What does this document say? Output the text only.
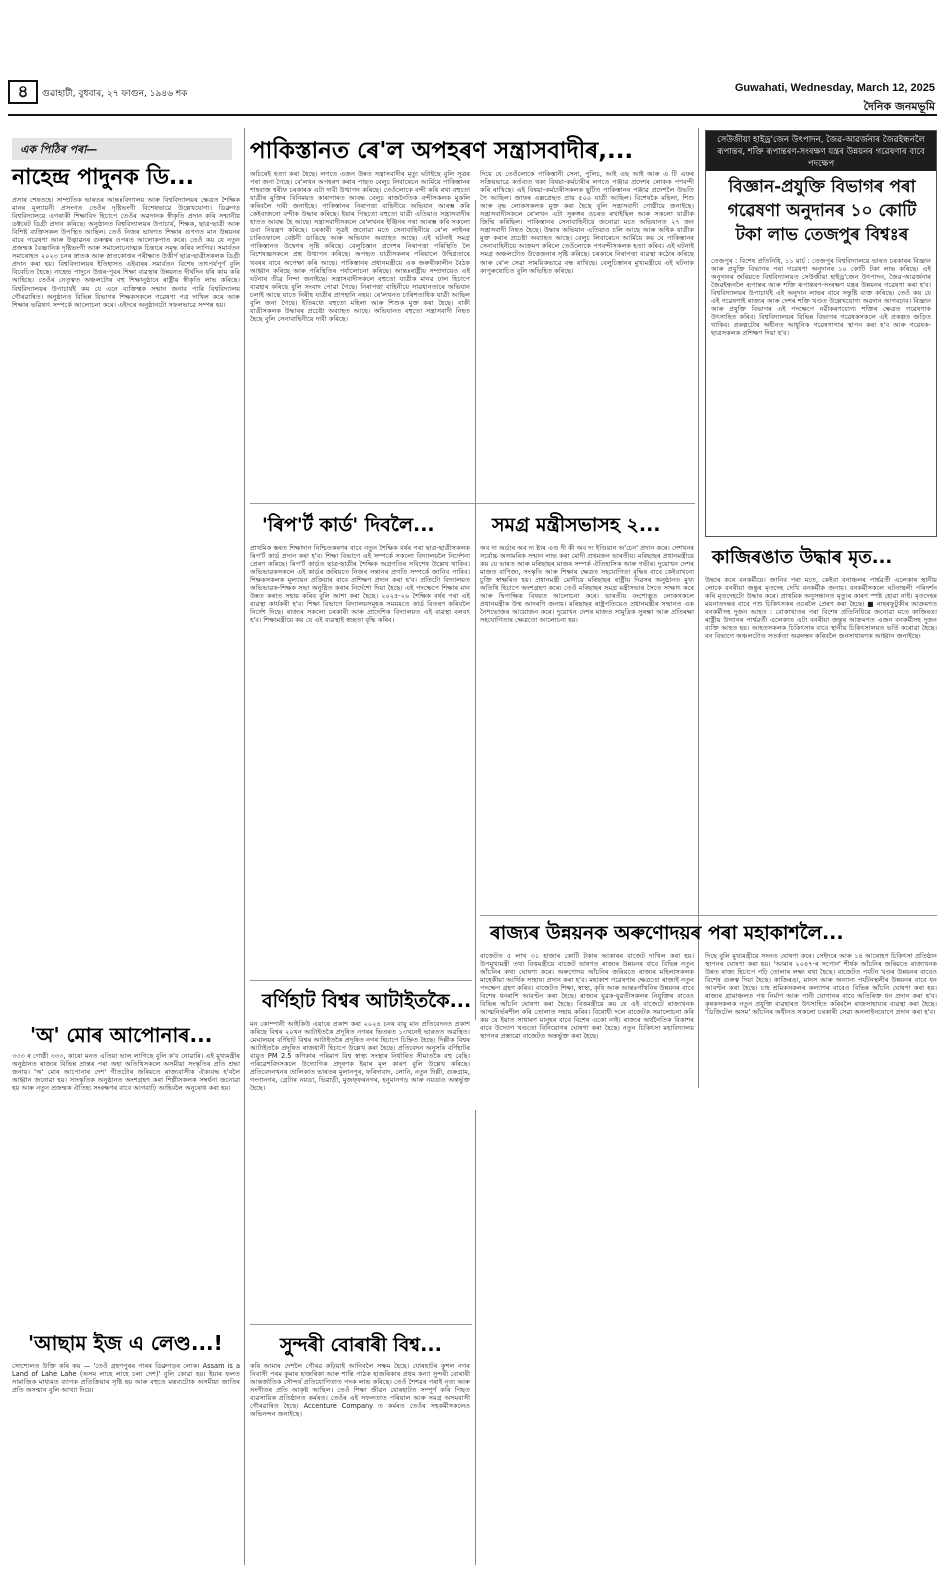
৪	গুৱাহাটী, বুধবাৰ, ২৭ ফাগুন, ১৯৪৬ শক	Guwahati, Wednesday, March 12, 2025
দৈনিক জনমভূমি
এক পিঠিৰ পৰা—
নাহেন্দ্ৰ পাদুনক ডি...
প্ৰসাৰ শেষতহে। সাম্প্ৰতিক ভাৰতৰ আন্তঃবিদ্যালয় আৰু বিশ্ববিদ্যালয়ৰ ক্ষেত্ৰত শৈক্ষিক মানৰ মূল্যায়নী প্ৰসংগত তেওঁৰ দৃষ্টিভংগী বিশেষভাৱে উল্লেখযোগ্য। ডিব্ৰুগড় বিশ্ববিদ্যালয়ে এগৰাকী শিক্ষাবিদ হিচাপে তেওঁৰ অৱদানক স্বীকৃতি প্ৰদান কৰি সন্মানীয় ডক্টৰেট ডিগ্ৰী প্ৰদান কৰিছে। অনুষ্ঠানত বিশ্ববিদ্যালয়ৰ উপাচাৰ্য, শিক্ষক, ছাত্ৰ-ছাত্ৰী আৰু বিশিষ্ট ব্যক্তিসকল উপস্থিত আছিল। তেওঁ নিজৰ ভাষণত শিক্ষাৰ গুণগত মান উন্নয়নৰ বাবে গৱেষণা আৰু উদ্ভাৱনৰ গুৰুত্বৰ ওপৰত আলোকপাত কৰে। তেওঁ কয় যে নতুন প্ৰজন্মক বৈজ্ঞানিক দৃষ্টিভংগী আৰু সমালোচনাত্মক চিন্তাৰে সমৃদ্ধ কৰিব লাগিব। সমাৰ্বতন সমাৰোহত ২০২৩ চনৰ স্নাতক আৰু স্নাতকোত্তৰ পৰীক্ষাত উত্তীৰ্ণ ছাত্ৰ-ছাত্ৰীসকলক ডিগ্ৰী প্ৰদান কৰা হয়। বিশ্ববিদ্যালয়ৰ ইতিহাসত এইবাৰৰ সমাৰ্বতন বিশেষ তাৎপৰ্যপূৰ্ণ বুলি বিবেচিত হৈছে। নাহেন্দ্ৰ পাদুনে উত্তৰ-পূবৰ শিক্ষা ব্যৱস্থাৰ উন্নয়নত দীৰ্ঘদিন ধৰি কাম কৰি আহিছে। তেওঁৰ নেতৃত্বত অঞ্চলটোৰ বহু শিক্ষানুষ্ঠানে ৰাষ্ট্ৰীয় স্বীকৃতি লাভ কৰিছে। বিশ্ববিদ্যালয়ৰ উপাচাৰ্যই কয় যে এনে ব্যক্তিত্বক সন্মান জনাব পাৰি বিশ্ববিদ্যালয় গৌৰৱান্বিত। অনুষ্ঠানত বিভিন্ন বিভাগৰ শিক্ষকসকলে গৱেষণা পত্ৰ দাখিল কৰে আৰু শিক্ষাৰ ভৱিষ্যৎ সম্পৰ্কে আলোচনা কৰে। এইদৰে অনুষ্ঠানটো সফলভাৱে সম্পন্ন হয়।
'অ' মোৰ আপোনাৰ...
৩৩৩ ৰ গোষ্ঠী ৩৩৩, কাৰো মনত এতিয়া ভাল লাগিছে বুলি ক'ব নোৱাৰি। এই মুখ্যমন্ত্ৰীৰ অনুষ্ঠানত ৰাজ্যৰ বিভিন্ন প্ৰান্তৰ পৰা অহা অতিথিসকলে অসমীয়া সংস্কৃতিৰ প্ৰতি শ্ৰদ্ধা জনায়। 'অ' মোৰ আপোনাৰ দেশ' গীতটোৰ জৰিয়তে ৰাজ্যবাসীক ঐক্যবদ্ধ হ'বলৈ আহ্বান জনোৱা হয়। সাংস্কৃতিক অনুষ্ঠানত অংশগ্ৰহণ কৰা শিল্পীসকলক সম্বৰ্ধনা জনোৱা হয় আৰু নতুন প্ৰজন্মক ঐতিহ্য সংৰক্ষণৰ বাবে আগবাঢ়ি আহিবলৈ অনুৰোধ কৰা হয়।
'আছাম ইজ এ লেণ্ড...!
সোশ্যেলত উক্তি কৰি কয় — 'তেওঁ গ্ৰহণপুৰৰ পাৰৰ ডিব্ৰুগড়ৰ লোক। Assam is a Land of Lahe Lahe (অসম লাহে লাহে চলা দেশ)' বুলি কোৱা হয়। ইয়াৰ ফলত সামাজিক মাধ্যমত ব্যাপক প্ৰতিক্ৰিয়াৰ সৃষ্টি হয় আৰু বহুতে মন্তব্যটোক অসমীয়া জাতিৰ প্ৰতি অসন্মান বুলি আখ্যা দিয়ে।
পাকিস্তানত ৰে'ল অপহৰণ সন্ত্ৰাসবাদীৰ,...
অচিৰেই হত্যা কৰা হৈছে। লগতে এজন উন্নত সন্ত্ৰাসবাদীৰ মৃত্যু ঘটাইছে বুলি সূত্ৰৰ পৰা জনা গৈছে। বে'লখন অপহৰণ কৰাৰ পাছত বেলুচ লিবাৰেচন আৰ্মিয়ে পাকিস্তানৰ শাহবাজ শ্বৰীফ চৰকাৰক এটা দাবী উত্থাপন কৰিছে। তেওঁলোকে বন্দী কৰি ৰখা বহুতো যাত্ৰীৰ মুক্তিৰ বিনিময়ত কাৰাগাৰত আবদ্ধ বেলুচ ৰাজনৈতিক বন্দীসকলক মুকলি কৰিবলৈ দাবী জনাইছে। পাকিস্তানৰ নিৰাপত্তা বাহিনীয়ে অভিযান আৰম্ভ কৰি কেইবাজনো বন্দীক উদ্ধাৰ কৰিছে। ইয়াৰ পিছতো বহুতো যাত্ৰী এতিয়াও সন্ত্ৰাসবাদীৰ হাতত আবদ্ধ হৈ আছে। সন্ত্ৰাসবাদীসকলে ৰে'লখনৰ ইঞ্জিনৰ পৰা আৰম্ভ কৰি সকলো ডবা নিয়ন্ত্ৰণ কৰিছে। চৰকাৰী সূত্ৰই জনোৱা মতে সেনাবাহিনীয়ে ৰে'ল লাইনৰ চাৰিওফালে বেষ্টনী ডাঙিছে আৰু অভিযান অব্যাহত আছে। এই ঘটনাই সমগ্ৰ পাকিস্তানত উদ্বেগৰ সৃষ্টি কৰিছে। বেলুচিস্তান প্ৰদেশৰ নিৰাপত্তা পৰিস্থিতি লৈ বিশেষজ্ঞসকলে প্ৰশ্ন উত্থাপন কৰিছে। অপহৃত যাত্ৰীসকলৰ পৰিয়ালে উদ্বিগ্নতাৰে খবৰৰ বাবে অপেক্ষা কৰি আছে। পাকিস্তানৰ প্ৰধানমন্ত্ৰীয়ে এক জৰুৰীকালীন বৈঠক আহ্বান কৰিছে আৰু পৰিস্থিতিৰ পৰ্যালোচনা কৰিছে। আন্তঃৰাষ্ট্ৰীয় সম্প্ৰদায়েও এই ঘটনাৰ তীব্ৰ নিন্দা জনাইছে। সন্ত্ৰাসবাদীসকলে বহুতো যাত্ৰীক মানৱ ঢাল হিচাপে ব্যৱহাৰ কৰিছে বুলি সংবাদ পোৱা গৈছে। নিৰাপত্তা বাহিনীয়ে সাৱধানতাৰে অভিযান চলাই আছে যাতে নিৰীহ যাত্ৰীৰ প্ৰাণহানি নহয়। ৰে'লখনত চাৰিশতাধিক যাত্ৰী আছিল বুলি জনা গৈছে। ইতিমধ্যে বহুতো মহিলা আৰু শিশুক মুক্ত কৰা হৈছে। বাকী যাত্ৰীসকলক উদ্ধাৰৰ প্ৰচেষ্টা অব্যাহত আছে। অভিযানত বহুতো সন্ত্ৰাসবাদী নিহত হৈছে বুলি সেনাবাহিনীয়ে দাবী কৰিছে।
দিয়ে যে তেওঁলোকে পাকিস্তানী সেনা, পুলিচ, আই এছ আই আৰু এ টি এফৰ সক্ৰিয়ভাৱে কৰ্তব্যত থকা বিষয়া-কৰ্মচাৰীৰ লগতে পঞ্জাৱ প্ৰদেশৰ লোকক পণবন্দী কৰি ৰাখিছে। এই বিষয়া-কৰ্মচাৰীসকলক ছুটিত পাকিস্তানৰ পঞ্জাৱ প্ৰদেশলৈ উভতি গৈ আছিল। জাফৰ এক্সপ্ৰেছত প্ৰায় ৫০০ যাত্ৰী আছিল। বিশেষকৈ মহিলা, শিশু আৰু বৃদ্ধ লোকসকলক মুক্ত কৰা হৈছে বুলি সন্ত্ৰাসবাদী গোষ্ঠীয়ে জনাইছে। সন্ত্ৰাসবাদীসকলে ৰে'লখন এটা সুৰুঙ্গৰ ওচৰত ৰখাইছিল আৰু সকলো যাত্ৰীক জিম্মি কৰিছিল। পাকিস্তানৰ সেনাবাহিনীয়ে জনোৱা মতে অভিযানত ২৭ জন সন্ত্ৰাসবাদী নিহত হৈছে। উদ্ধাৰ অভিযান এতিয়াও চলি আছে আৰু অধিক যাত্ৰীক মুক্ত কৰাৰ প্ৰচেষ্টা অব্যাহত আছে। বেলুচ লিবাৰেচন আৰ্মিয়ে কয় যে পাকিস্তানৰ সেনাবাহিনীয়ে আক্ৰমণ কৰিলে তেওঁলোকে পণবন্দীসকলক হত্যা কৰিব। এই ঘটনাই সমগ্ৰ অঞ্চলটোত উত্তেজনাৰ সৃষ্টি কৰিছে। চৰকাৰে নিৰাপত্তা ব্যৱস্থা কঠোৰ কৰিছে আৰু ৰে'ল সেৱা সাময়িকভাৱে বন্ধ ৰাখিছে। বেলুচিস্তানৰ মুখ্যমন্ত্ৰীয়ে এই ঘটনাক কাপুৰুষোচিত বুলি অভিহিত কৰিছে।
'ৰিপ'ৰ্ট কাৰ্ড' দিবলৈ...
প্ৰাথমিক স্তৰত শিক্ষাদান নিশ্চিতকৰণৰ বাবে নতুন শৈক্ষিক বৰ্ষৰ পৰা ছাত্ৰ-ছাত্ৰীসকলক ৰিপ'ৰ্ট কাৰ্ড প্ৰদান কৰা হ'ব। শিক্ষা বিভাগে এই সম্পৰ্কে সকলো বিদ্যালয়লৈ নিৰ্দেশনা প্ৰেৰণ কৰিছে। ৰিপ'ৰ্ট কাৰ্ডত ছাত্ৰ-ছাত্ৰীৰ শৈক্ষিক অগ্ৰগতিৰ সবিশেষ উল্লেখ থাকিব। অভিভাৱকসকলে এই কাৰ্ডৰ জৰিয়তে নিজৰ সন্তানৰ প্ৰগতি সম্পৰ্কে জানিব পাৰিব। শিক্ষকসকলক মূল্যায়ন প্ৰক্ৰিয়াৰ বাবে প্ৰশিক্ষণ প্ৰদান কৰা হ'ব। প্ৰতিটো বিদ্যালয়ত অভিভাৱক-শিক্ষক সভা অনুষ্ঠিত কৰাৰ নিৰ্দেশো দিয়া হৈছে। এই পদক্ষেপে শিক্ষাৰ মান উন্নত কৰাত সহায় কৰিব বুলি আশা কৰা হৈছে। ২০২৫-২৬ শৈক্ষিক বৰ্ষৰ পৰা এই ব্যৱস্থা কাৰ্যকৰী হ'ব। শিক্ষা বিভাগে বিদ্যালয়সমূহক সময়মতে কাৰ্ড বিতৰণ কৰিবলৈ নিৰ্দেশ দিছে। ৰাজ্যৰ সকলো চৰকাৰী আৰু প্ৰাদেশিক বিদ্যালয়ত এই ব্যৱস্থা বলবৎ হ'ব। শিক্ষামন্ত্ৰীয়ে কয় যে এই ব্যৱস্থাই স্বচ্ছতা বৃদ্ধি কৰিব।
সমগ্ৰ মন্ত্ৰীসভাসহ ২...
অব দা অৰ্ডাৰ অব দ্য ষ্টাৰ এণ্ড দী কী অব দ্য ইণ্ডিয়ান অ'চেন' প্ৰদান কৰে। দেশখনৰ সৰ্বোচ্চ অসামৰিক সন্মান লাভ কৰা মোদী প্ৰথমজন ভাৰতীয়। মৰিছাছৰ প্ৰধানমন্ত্ৰীয়ে কয় যে ভাৰত আৰু মৰিছাছৰ মাজৰ সম্পৰ্ক ঐতিহাসিক আৰু গভীৰ। দুয়োখন দেশৰ মাজত বাণিজ্য, সংস্কৃতি আৰু শিক্ষাৰ ক্ষেত্ৰত সহযোগিতা বৃদ্ধিৰ বাবে কেইবাখনো চুক্তি স্বাক্ষৰিত হয়। প্ৰধানমন্ত্ৰী মোদীয়ে মৰিছাছৰ ৰাষ্ট্ৰীয় দিৱসৰ অনুষ্ঠানত মুখ্য অতিথি হিচাপে অংশগ্ৰহণ কৰে। তেওঁ মৰিছাছৰ সমগ্ৰ মন্ত্ৰীসভাৰ সৈতে সাক্ষাৎ কৰে আৰু দ্বিপাক্ষিক বিষয়ত আলোচনা কৰে। ভাৰতীয় বংশোদ্ভূত লোকসকলে প্ৰধানমন্ত্ৰীক উষ্ম আদৰণি জনায়। মৰিছাছৰ ৰাষ্ট্ৰপতিয়েও প্ৰধানমন্ত্ৰীৰ সন্মানত এক নৈশভোজৰ আয়োজন কৰে। দুয়োখন দেশৰ মাজত সামুদ্ৰিক সুৰক্ষা আৰু প্ৰতিৰক্ষা সহযোগিতাৰ ক্ষেত্ৰতো আলোচনা হয়।
বৰ্ণিহাট বিশ্বৰ আটাইতকৈ...
মন কোম্পানী আইকিউ এয়াৰে প্ৰকাশ কৰা ২০২৪ চনৰ বায়ু মান প্ৰতিবেদনত প্ৰকাশ কৰিছে বিশ্বৰ ২০খন আটাইতকৈ প্ৰদূষিত নগৰৰ ভিতৰত ১৩খনেই ভাৰতত অৱস্থিত। মেঘালয়ৰ বৰ্ণিহাট বিশ্বৰ আটাইতকৈ প্ৰদূষিত নগৰ হিচাপে চিহ্নিত হৈছে। দিল্লীক বিশ্বৰ আটাইতকৈ প্ৰদূষিত ৰাজধানী হিচাপে উল্লেখ কৰা হৈছে। প্ৰতিবেদন অনুসৰি বৰ্ণিহাটৰ বায়ুত PM 2.5 কণিকাৰ পৰিমাণ বিশ্ব স্বাস্থ্য সংস্থাৰ নিৰ্ধাৰিত সীমাতকৈ বহু বেছি। পৰিৱেশবিদসকলে উদ্যোগিক প্ৰদূষণক ইয়াৰ মূল কাৰণ বুলি উল্লেখ কৰিছে। প্ৰতিবেদনখনৰ তালিকাত ভাৰতৰ মুলানপুৰ, ফৰিদাবাদ, লোনি, নতুন দিল্লী, গুৰুগ্ৰাম, গংগানগৰ, গ্ৰেটাৰ নয়ডা, ভিৱাড়ী, মুজফ্ফৰনগৰ, হনুমানগড় আৰু নয়ডাও অন্তৰ্ভুক্ত হৈছে।
সুন্দৰী বোৰাৰী বিশ্ব...
কৰি আমাৰ দেশলৈ গৌৰৱ কঢ়িয়াই আনিবলৈ সক্ষম হৈছে। যোৰহাটৰ কুশল নগৰ নিবাসী পৰম কুমাৰ হাজৰিকা আৰু শান্তি পাঠক হাজৰিকাৰ প্ৰথম কন্যা সুন্দৰী বোৰাৰী আন্তৰ্জাতিক সৌন্দৰ্য প্ৰতিযোগিতাত পদক লাভ কৰিছে। তেওঁ শৈশৱৰ পৰাই নৃত্য আৰু সংগীতৰ প্ৰতি আকৃষ্ট আছিল। তেওঁ শিক্ষা জীৱন যোৰহাটত সম্পূৰ্ণ কৰি পিছত ব্যৱসায়িক প্ৰতিষ্ঠানত কৰ্মৰত। তেওঁৰ এই সফলতাত পৰিয়াল আৰু সমগ্ৰ অসমবাসী গৌৰৱান্বিত হৈছে। Accenture Company ত কৰ্মৰত তেওঁৰ সহকৰ্মীসকলেও অভিনন্দন জনাইছে।
সেউজীয়া হাইড্ৰ'জেন উৎপাদন, জৈৱ-আৱৰ্জনাৰ জৈৱইন্ধনলৈ ৰূপান্তৰ, শক্তি ৰূপান্তৰণ-সংৰক্ষণ যন্ত্ৰৰ উন্নয়নৰ গৱেষণাৰ বাবে পদক্ষেপ
বিজ্ঞান-প্ৰযুক্তি বিভাগৰ পৰা গৱেষণা অনুদানৰ ১০ কোটি টকা লাভ তেজপুৰ বিশ্বঃৰ
তেজপুৰ : বিশেষ প্ৰতিনিধি, ১১ মাৰ্চ : তেজপুৰ বিশ্ববিদ্যালয়ে ভাৰত চৰকাৰৰ বিজ্ঞান আৰু প্ৰযুক্তি বিভাগৰ পৰা গৱেষণা অনুদানৰ ১০ কোটি টকা লাভ কৰিছে। এই অনুদানৰ জৰিয়তে বিশ্ববিদ্যালয়ত সেউজীয়া হাইড্ৰ'জেন উৎপাদন, জৈৱ-আৱৰ্জনাৰ জৈৱইন্ধনলৈ ৰূপান্তৰ আৰু শক্তি ৰূপান্তৰণ-সংৰক্ষণ যন্ত্ৰৰ উন্নয়নৰ গৱেষণা কৰা হ'ব। বিশ্ববিদ্যালয়ৰ উপাচাৰ্যই এই অনুদান লাভৰ বাবে সন্তুষ্টি ব্যক্ত কৰিছে। তেওঁ কয় যে এই গৱেষণাই ৰাজ্যৰ আৰু দেশৰ শক্তি খণ্ডত উল্লেখযোগ্য অৱদান আগবঢ়াব। বিজ্ঞান আৰু প্ৰযুক্তি বিভাগৰ এই পদক্ষেপে নৱীকৰণযোগ্য শক্তিৰ ক্ষেত্ৰত গৱেষণাক উৎসাহিত কৰিব। বিশ্ববিদ্যালয়ৰ বিভিন্ন বিভাগৰ গৱেষকসকলে এই প্ৰকল্পত জড়িত থাকিব। প্ৰকল্পটোৰ অধীনত আধুনিক গৱেষণাগাৰ স্থাপন কৰা হ'ব আৰু গৱেষক-ছাত্ৰসকলক প্ৰশিক্ষণ দিয়া হ'ব।
কাজিৰঙাত উদ্ধাৰ মৃত...
উদ্ধাৰ কৰে বনকৰ্মীয়ে। জানিব পৰা মতে, কেইবা বনাঞ্চলৰ পাৰ্শ্বৱৰ্তী এলেকাৰ স্থানীয় লোকে বনৰীয়া জন্তুৰ মৃতদেহ দেখি বনকৰ্মীক জনায়। বনকৰ্মীসকলে ঘটনাস্থলী পৰিদৰ্শন কৰি মৃতদেহটো উদ্ধাৰ কৰে। প্ৰাথমিক অনুসন্ধানত মৃত্যুৰ কাৰণ স্পষ্ট হোৱা নাই। মৃতদেহৰ ময়নাতদন্তৰ বাবে পশু চিকিৎসকৰ ওচৰলৈ প্ৰেৰণ কৰা হৈছে। ■ নাহৰফুটুকীৰ আক্ৰমণত বনকৰ্মীসহ দুজন আহত : বোকাখাতৰ পৰা বিশেষ প্ৰতিনিধিয়ে জনোৱা মতে কাজিৰঙা ৰাষ্ট্ৰীয় উদ্যানৰ পাৰ্শ্বৱৰ্তী এলেকাত এটা বনৰীয়া জন্তুৰ আক্ৰমণত এজন বনকৰ্মীসহ দুজন ব্যক্তি আহত হয়। আহতসকলক চিকিৎসাৰ বাবে স্থানীয় চিকিৎসালয়ত ভৰ্তি কৰোৱা হৈছে। বন বিভাগে অঞ্চলটোত সতৰ্কতা অৱলম্বন কৰিবলৈ জনসাধাৰণক আহ্বান জনাইছে।
ৰাজ্যৰ উন্নয়নক অৰুণোদয়ৰ পৰা মহাকাশলৈ...
বাজেটত ৫ লাখ ৩১ হাজাৰ কোটি টকাৰ আকাৰৰ বাজেট দাখিল কৰা হয়। উপমুখ্যমন্ত্ৰী তথা বিত্তমন্ত্ৰীয়ে বাজেট ভাষণত ৰাজ্যৰ উন্নয়নৰ বাবে বিভিন্ন নতুন আঁচনিৰ কথা ঘোষণা কৰে। অৰুণোদয় আঁচনিৰ জৰিয়তে ৰাজ্যৰ মহিলাসকলক মাহেকীয়া আৰ্থিক সাহায্য প্ৰদান কৰা হ'ব। মহাকাশ গৱেষণাৰ ক্ষেত্ৰতো ৰাজ্যই নতুন পদক্ষেপ গ্ৰহণ কৰিব। বাজেটত শিক্ষা, স্বাস্থ্য, কৃষি আৰু আন্তঃগাঁথনিৰ উন্নয়নৰ বাবে বিশেষ ধনৰাশি আবণ্টন কৰা হৈছে। ৰাজ্যৰ যুৱক-যুৱতীসকলৰ নিযুক্তিৰ বাবেও বিভিন্ন আঁচনি ঘোষণা কৰা হৈছে। বিত্তমন্ত্ৰীয়ে কয় যে এই বাজেটে ৰাজ্যখনক আত্মনিৰ্ভৰশীল কৰি তোলাত সহায় কৰিব। বিৰোধী দলে বাজেটক সমালোচনা কৰি কয় যে ইয়াত সাধাৰণ মানুহৰ বাবে বিশেষ একো নাই। ৰাজ্যৰ অৰ্থনৈতিক বিকাশৰ বাবে উদ্যোগ খণ্ডতো বিনিয়োগৰ ঘোষণা কৰা হৈছে। নতুন চিকিৎসা মহাবিদ্যালয় স্থাপনৰ প্ৰস্তাৱো বাজেটত অন্তৰ্ভুক্ত কৰা হৈছে।
দিছে বুলি মুখ্যমন্ত্ৰীয়ে সদনত ঘোষণা কৰে। সেইদৰে আৰু ১৪ আৰোহণ চিকিৎসা প্ৰতিষ্ঠান স্থাপনৰ ঘোষণা কৰা হয়। 'আমাৰ ২০৪৭-ৰ সপোন' শীৰ্ষক আঁচনিৰ জৰিয়তে ৰাজ্যখনক উন্নত ৰাজ্য হিচাপে গঢ়ি তোলাৰ লক্ষ্য ৰখা হৈছে। বাজেটত পৰ্যটন খণ্ডৰ উন্নয়নৰ বাবেও বিশেষ গুৰুত্ব দিয়া হৈছে। কাজিৰঙা, মানস আৰু অন্যান্য পৰ্যটনস্থলীৰ উন্নয়নৰ বাবে ধন আবণ্টন কৰা হৈছে। চাহ শ্ৰমিকসকলৰ কল্যাণৰ বাবেও বিভিন্ন আঁচনি ঘোষণা কৰা হয়। ৰাজ্যৰ গ্ৰামাঞ্চলত পথ নিৰ্মাণ আৰু পানী যোগানৰ বাবে অতিৰিক্ত ধন প্ৰদান কৰা হ'ব। কৃষকসকলক নতুন প্ৰযুক্তি ব্যৱহাৰত উৎসাহিত কৰিবলৈ ৰাজসাহায্যৰ ব্যৱস্থা কৰা হৈছে। 'ডিজিটেল অসম' আঁচনিৰ অধীনত সকলো চৰকাৰী সেৱা অনলাইনযোগে প্ৰদান কৰা হ'ব।
